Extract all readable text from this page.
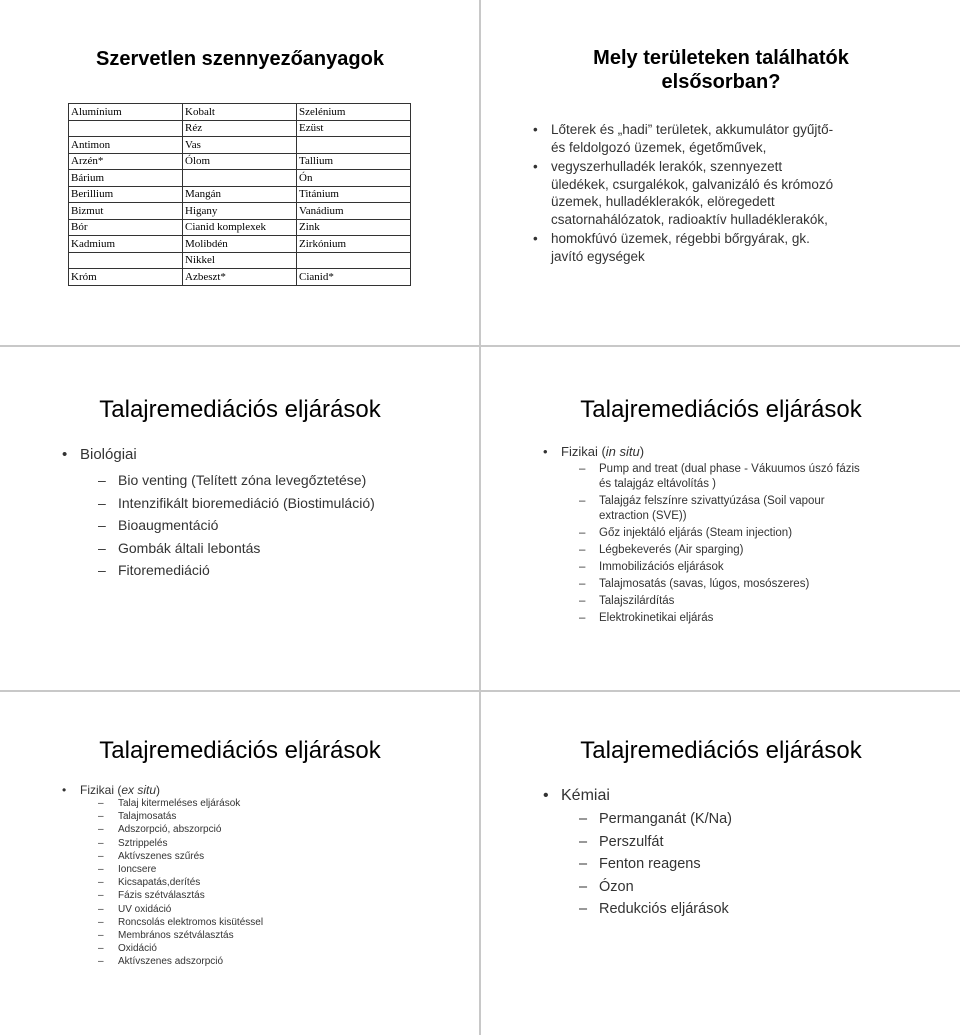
Szervetlen szennyezőanyagok
Alumínium	Kobalt	Szelénium
	Réz	Ezüst
Antimon	Vas	
Arzén*	Ólom	Tallium
Bárium		Ón
Berillium	Mangán	Titánium
Bizmut	Higany	Vanádium
Bór	Cianid komplexek	Zink
Kadmium	Molibdén	Zirkónium
	Nikkel	
Króm	Azbeszt*	Cianid*
Mely területeken találhatók
elsősorban?
• Lőterek és „hadi” területek, akkumulátor gyűjtő-
és feldolgozó üzemek, égetőművek,
• vegyszerhulladék lerakók, szennyezett
üledékek, csurgalékok, galvanizáló és krómozó
üzemek, hulladéklerakók, elöregedett
csatornahálózatok, radioaktív hulladéklerakók,
• homokfúvó üzemek, régebbi bőrgyárak, gk.
javító egységek
Talajremediációs eljárások
• Biológiai
– Bio venting (Telített zóna levegőztetése)
– Intenzifikált bioremediáció (Biostimuláció)
– Bioaugmentáció
– Gombák általi lebontás
– Fitoremediáció
Talajremediációs eljárások
• Fizikai (in situ)
– Pump and treat (dual phase - Vákuumos úszó fázis
és talajgáz eltávolítás )
– Talajgáz felszínre szivattyúzása (Soil vapour
extraction (SVE))
– Gőz injektáló eljárás (Steam injection)
– Légbekeverés (Air sparging)
– Immobilizációs eljárások
– Talajmosatás (savas, lúgos, mosószeres)
– Talajszilárdítás
– Elektrokinetikai eljárás
Talajremediációs eljárások
• Fizikai (ex situ)
– Talaj kitermeléses eljárások
– Talajmosatás
– Adszorpció, abszorpció
– Sztrippelés
– Aktívszenes szűrés
– Ioncsere
– Kicsapatás,derítés
– Fázis szétválasztás
– UV oxidáció
– Roncsolás elektromos kisütéssel
– Membrános szétválasztás
– Oxidáció
– Aktívszenes adszorpció
Talajremediációs eljárások
• Kémiai
– Permanganát (K/Na)
– Perszulfát
– Fenton reagens
– Ózon
– Redukciós eljárások
